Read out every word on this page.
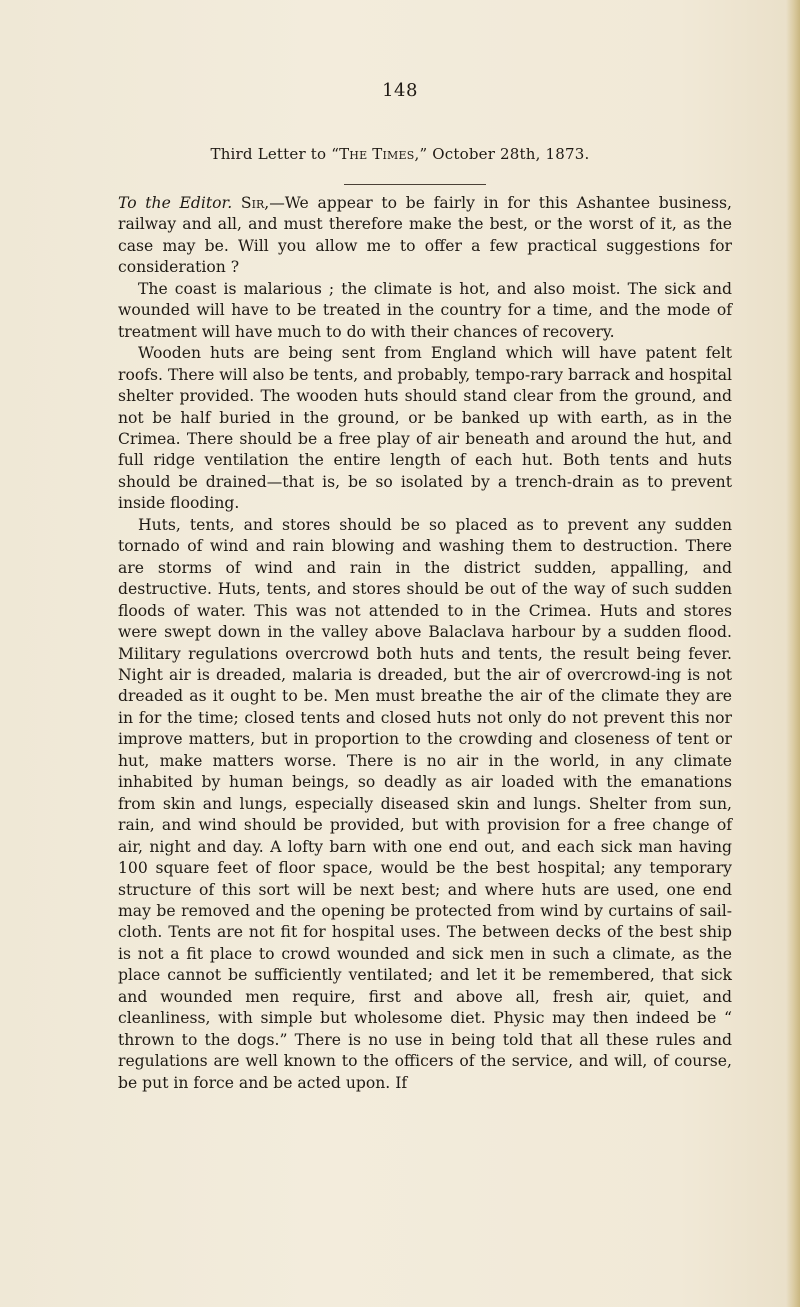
148
Third Letter to “The Times,” October 28th, 1873.

To the Editor. Sir,—We appear to be fairly in for this Ashantee business, railway and all, and must therefore make the best, or the worst of it, as the case may be. Will you allow me to offer a few practical suggestions for consideration ?

The coast is malarious ; the climate is hot, and also moist. The sick and wounded will have to be treated in the country for a time, and the mode of treatment will have much to do with their chances of recovery.

Wooden huts are being sent from England which will have patent felt roofs. There will also be tents, and probably, tempo-rary barrack and hospital shelter provided. The wooden huts should stand clear from the ground, and not be half buried in the ground, or be banked up with earth, as in the Crimea. There should be a free play of air beneath and around the hut, and full ridge ventilation the entire length of each hut. Both tents and huts should be drained—that is, be so isolated by a trench-drain as to prevent inside flooding.

Huts, tents, and stores should be so placed as to prevent any sudden tornado of wind and rain blowing and washing them to destruction. There are storms of wind and rain in the district sudden, appalling, and destructive. Huts, tents, and stores should be out of the way of such sudden floods of water. This was not attended to in the Crimea. Huts and stores were swept down in the valley above Balaclava harbour by a sudden flood. Military regulations overcrowd both huts and tents, the result being fever. Night air is dreaded, malaria is dreaded, but the air of overcrowd-ing is not dreaded as it ought to be. Men must breathe the air of the climate they are in for the time; closed tents and closed huts not only do not prevent this nor improve matters, but in proportion to the crowding and closeness of tent or hut, make matters worse. There is no air in the world, in any climate inhabited by human beings, so deadly as air loaded with the emanations from skin and lungs, especially diseased skin and lungs. Shelter from sun, rain, and wind should be provided, but with provision for a free change of air, night and day. A lofty barn with one end out, and each sick man having 100 square feet of floor space, would be the best hospital; any temporary structure of this sort will be next best; and where huts are used, one end may be removed and the opening be protected from wind by curtains of sail-cloth. Tents are not fit for hospital uses. The between decks of the best ship is not a fit place to crowd wounded and sick men in such a climate, as the place cannot be sufficiently ventilated; and let it be remembered, that sick and wounded men require, first and above all, fresh air, quiet, and cleanliness, with simple but wholesome diet. Physic may then indeed be “ thrown to the dogs.” There is no use in being told that all these rules and regulations are well known to the officers of the service, and will, of course, be put in force and be acted upon. If
